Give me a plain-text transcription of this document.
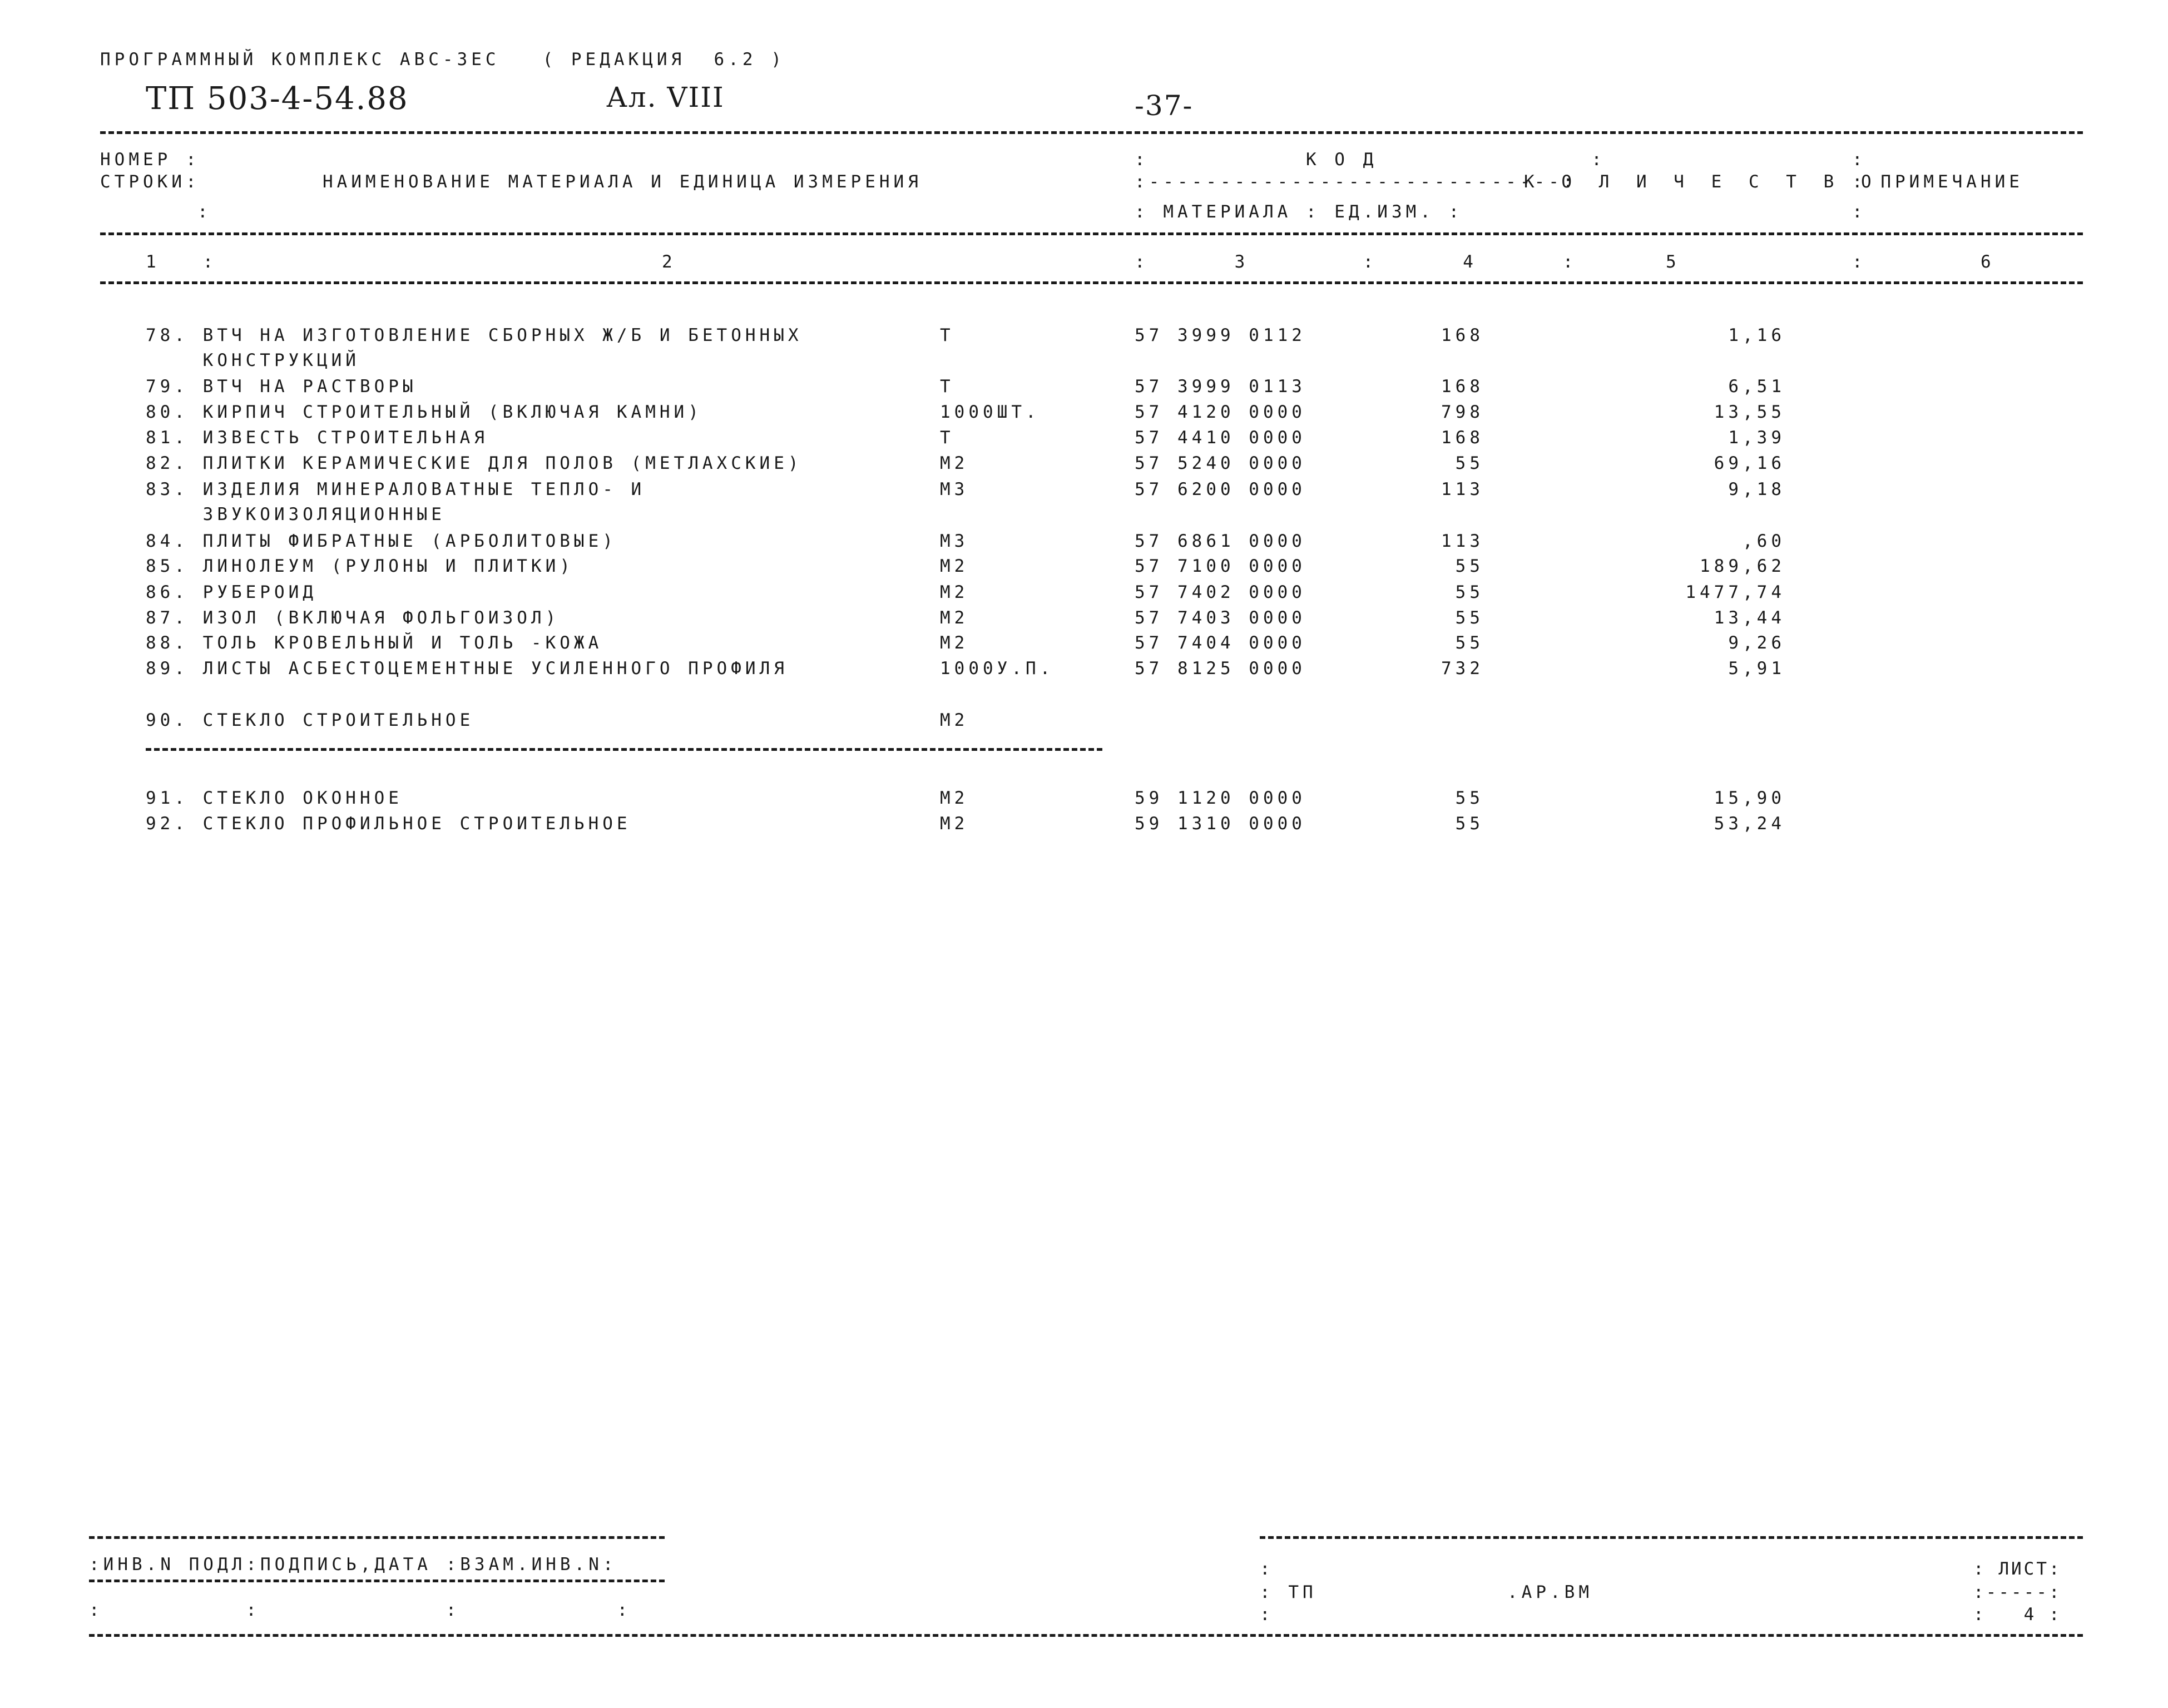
ПРОГРАММНЫЙ КОМПЛЕКС АВС-ЗЕС   ( РЕДАКЦИЯ  6.2 )
ТП 503-4-54.88	Ал. VIII	-37-
НОМЕР :
СТРОКИ:
:
НАИМЕНОВАНИЕ МАТЕРИАЛА И ЕДИНИЦА ИЗМЕРЕНИЯ
:           К О Д               :
:-----------------------------:
: МАТЕРИАЛА : ЕД.ИЗМ. :
К О Л И Ч Е С Т В О
:
: ПРИМЕЧАНИЕ
:
1   :	2	:      3        :      4      :	5	:        6
78. ВТЧ НА ИЗГОТОВЛЕНИЕ СБОРНЫХ Ж/Б И БЕТОННЫХ	Т	57 3999 0112	168	1,16
КОНСТРУКЦИЙ
79. ВТЧ НА РАСТВОРЫ	Т	57 3999 0113	168	6,51
80. КИРПИЧ СТРОИТЕЛЬНЫЙ (ВКЛЮЧАЯ КАМНИ)	1000ШТ.	57 4120 0000	798	13,55
81. ИЗВЕСТЬ СТРОИТЕЛЬНАЯ	Т	57 4410 0000	168	1,39
82. ПЛИТКИ КЕРАМИЧЕСКИЕ ДЛЯ ПОЛОВ (МЕТЛАХСКИЕ)	М2	57 5240 0000	55	69,16
83. ИЗДЕЛИЯ МИНЕРАЛОВАТНЫЕ ТЕПЛО- И	М3	57 6200 0000	113	9,18
ЗВУКОИЗОЛЯЦИОННЫЕ
84. ПЛИТЫ ФИБРАТНЫЕ (АРБОЛИТОВЫЕ)	М3	57 6861 0000	113	,60
85. ЛИНОЛЕУМ (РУЛОНЫ И ПЛИТКИ)	М2	57 7100 0000	55	189,62
86. РУБЕРОИД	М2	57 7402 0000	55	1477,74
87. ИЗОЛ (ВКЛЮЧАЯ ФОЛЬГОИЗОЛ)	М2	57 7403 0000	55	13,44
88. ТОЛЬ КРОВЕЛЬНЫЙ И ТОЛЬ -КОЖА	М2	57 7404 0000	55	9,26
89. ЛИСТЫ АСБЕСТОЦЕМЕНТНЫЕ УСИЛЕННОГО ПРОФИЛЯ	1000У.П.	57 8125 0000	732	5,91
90. СТЕКЛО СТРОИТЕЛЬНОЕ	М2
91. СТЕКЛО ОКОННОЕ	М2	59 1120 0000	55	15,90
92. СТЕКЛО ПРОФИЛЬНОЕ СТРОИТЕЛЬНОЕ	М2	59 1310 0000	55	53,24
:ИНВ.N ПОДЛ:ПОДПИСЬ,ДАТА :ВЗАМ.ИНВ.N:
:          :             :           :
:
: ТП	.АР.ВМ
:
: ЛИСТ:
:-----:
:   4 :
